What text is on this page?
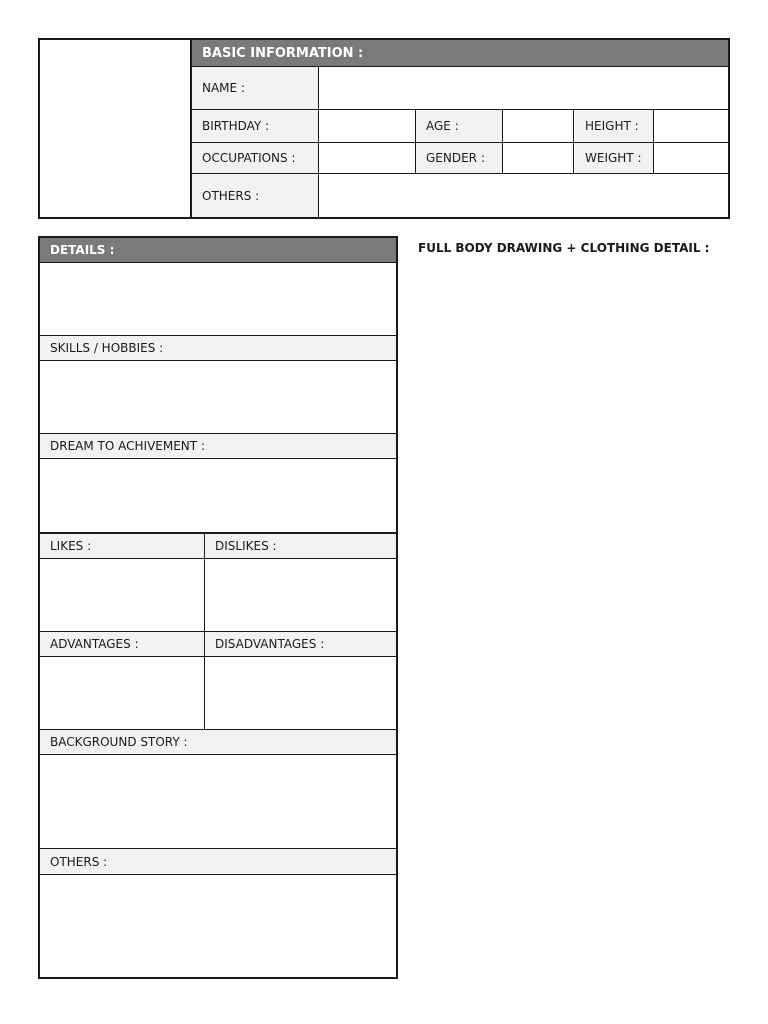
BASIC INFORMATION :
NAME :
BIRTHDAY :	AGE :	HEIGHT :
OCCUPATIONS :	GENDER :	WEIGHT :
OTHERS :
DETAILS :
SKILLS / HOBBIES :
DREAM TO ACHIVEMENT :
LIKES :	DISLIKES :
ADVANTAGES :	DISADVANTAGES :
BACKGROUND STORY :
OTHERS :
FULL BODY DRAWING + CLOTHING DETAIL :
